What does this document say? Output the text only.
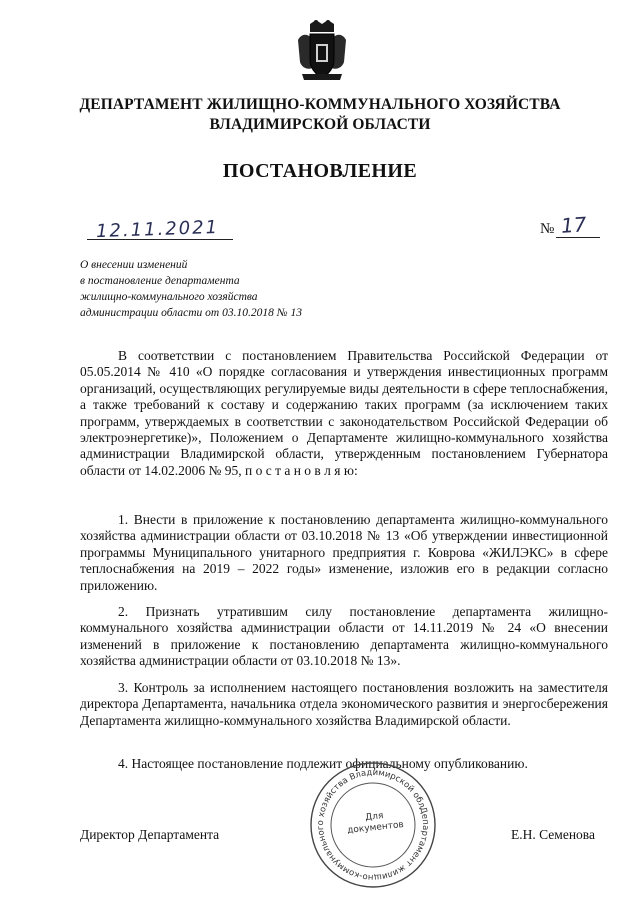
ДЕПАРТАМЕНТ ЖИЛИЩНО-КОММУНАЛЬНОГО ХОЗЯЙСТВА
ВЛАДИМИРСКОЙ ОБЛАСТИ
ПОСТАНОВЛЕНИЕ
12.11.2021	№ 17
О внесении изменений
в постановление департамента
жилищно-коммунального хозяйства
администрации области от 03.10.2018 № 13
В соответствии с постановлением Правительства Российской Федерации от 05.05.2014 № 410 «О порядке согласования и утверждения инвестиционных программ организаций, осуществляющих регулируемые виды деятельности в сфере теплоснабжения, а также требований к составу и содержанию таких программ (за исключением таких программ, утверждаемых в соответствии с законодательством Российской Федерации об электроэнергетике)», Положением о Департаменте жилищно-коммунального хозяйства администрации Владимирской области, утвержденным постановлением Губернатора области от 14.02.2006 № 95, п о с т а н о в л я ю:
1. Внести в приложение к постановлению департамента жилищно-коммунального хозяйства администрации области от 03.10.2018 № 13 «Об утверждении инвестиционной программы Муниципального унитарного предприятия г. Коврова «ЖИЛЭКС» в сфере теплоснабжения на 2019 – 2022 годы» изменение, изложив его в редакции согласно приложению.
2. Признать утратившим силу постановление департамента жилищно-коммунального хозяйства администрации области от 14.11.2019 № 24 «О внесении изменений в приложение к постановлению департамента жилищно-коммунального хозяйства администрации области от 03.10.2018 № 13».
3. Контроль за исполнением настоящего постановления возложить на заместителя директора Департамента, начальника отдела экономического развития и энергосбережения Департамента жилищно-коммунального хозяйства Владимирской области.
4. Настоящее постановление подлежит официальному опубликованию.
Директор Департамента	Е.Н. Семенова
Департамент жилищно-коммунального хозяйства Владимирской области
Для документов
